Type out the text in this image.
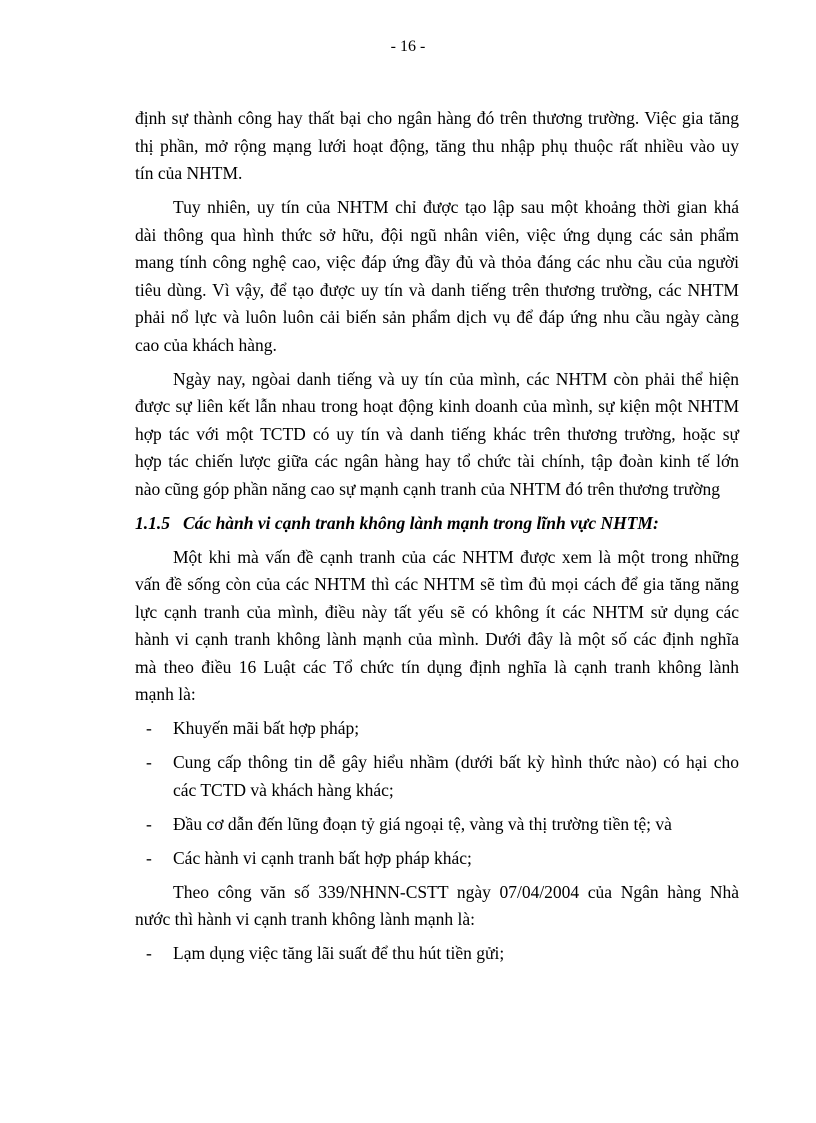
- 16 -
định sự thành công hay thất bại cho ngân hàng đó trên thương trường. Việc gia tăng
thị phần, mở rộng mạng lưới hoạt động, tăng thu nhập phụ thuộc rất nhiều vào uy
tín của NHTM.
Tuy nhiên, uy tín của NHTM chỉ được tạo lập sau một khoảng thời gian khá
dài thông qua hình thức sở hữu, đội ngũ nhân viên, việc ứng dụng các sản phẩm
mang tính công nghệ cao, việc đáp ứng đầy đủ và thỏa đáng các nhu cầu của người
tiêu dùng. Vì vậy, để tạo được uy tín và danh tiếng trên thương trường, các NHTM
phải nổ lực và luôn luôn cải biến sản phẩm dịch vụ để đáp ứng nhu cầu ngày càng
cao của khách hàng.
Ngày nay, ngòai danh tiếng và uy tín của mình, các NHTM còn phải thể hiện
được sự liên kết lẫn nhau trong hoạt động kinh doanh của mình, sự kiện một NHTM
hợp tác với một TCTD có uy tín và danh tiếng khác trên thương trường, hoặc sự
hợp tác chiến lược giữa các ngân hàng hay tổ chức tài chính, tập đoàn kinh tế lớn
nào cũng góp phần năng cao sự mạnh cạnh tranh của NHTM đó trên thương trường
1.1.5 Các hành vi cạnh tranh không lành mạnh trong lĩnh vực NHTM:
Một khi mà vấn đề cạnh tranh của các NHTM được xem là một trong những
vấn đề sống còn của các NHTM thì các NHTM sẽ tìm đủ mọi cách để gia tăng năng
lực cạnh tranh của mình, điều này tất yếu sẽ có không ít các NHTM sử dụng các
hành vi cạnh tranh không lành mạnh của mình. Dưới đây là một số các định nghĩa
mà theo điều 16 Luật các Tổ chức tín dụng định nghĩa là cạnh tranh không lành
mạnh là:
- Khuyến mãi bất hợp pháp;
- Cung cấp thông tin dễ gây hiểu nhầm (dưới bất kỳ hình thức nào) có hại cho
các TCTD và khách hàng khác;
- Đầu cơ dẫn đến lũng đoạn tỷ giá ngoại tệ, vàng và thị trường tiền tệ; và
- Các hành vi cạnh tranh bất hợp pháp khác;
Theo công văn số 339/NHNN-CSTT ngày 07/04/2004 của Ngân hàng Nhà
nước thì hành vi cạnh tranh không lành mạnh là:
- Lạm dụng việc tăng lãi suất để thu hút tiền gửi;
